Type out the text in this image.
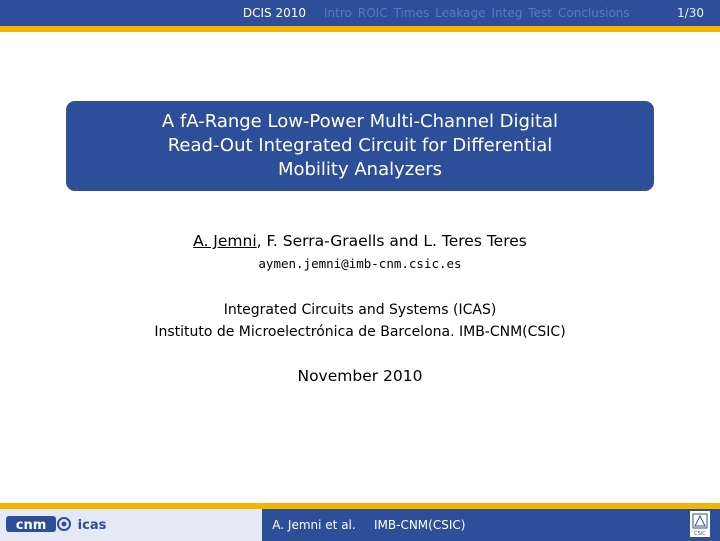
DCIS 2010 Intro ROIC Times Leakage Integ Test Conclusions	1/30
A fA-Range Low-Power Multi-Channel Digital
Read-Out Integrated Circuit for Differential
Mobility Analyzers
A. Jemni, F. Serra-Graells and L. Teres Teres
aymen.jemni@imb-cnm.csic.es
Integrated Circuits and Systems (ICAS)
Instituto de Microelectrónica de Barcelona. IMB-CNM(CSIC)
November 2010
cnm icas	A. Jemni et al. IMB-CNM(CSIC)
CSIC
